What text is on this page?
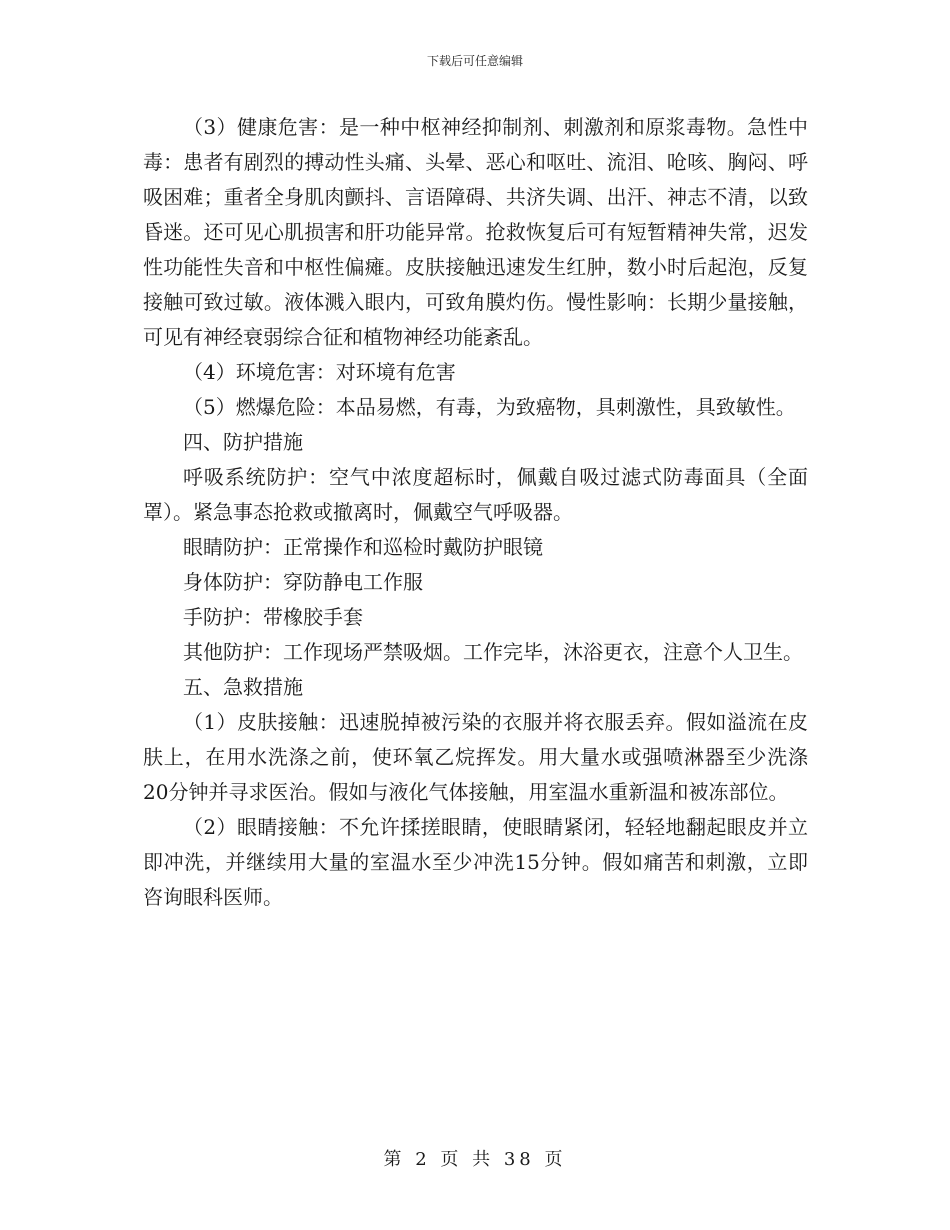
下载后可任意编辑

（3）健康危害：是一种中枢神经抑制剂、刺激剂和原浆毒物。急性中毒：患者有剧烈的搏动性头痛、头晕、恶心和呕吐、流泪、呛咳、胸闷、呼吸困难；重者全身肌肉颤抖、言语障碍、共济失调、出汗、神志不清，以致昏迷。还可见心肌损害和肝功能异常。抢救恢复后可有短暂精神失常，迟发性功能性失音和中枢性偏瘫。皮肤接触迅速发生红肿，数小时后起泡，反复接触可致过敏。液体溅入眼内，可致角膜灼伤。慢性影响：长期少量接触，可见有神经衰弱综合征和植物神经功能紊乱。

（4）环境危害：对环境有危害

（5）燃爆危险：本品易燃，有毒，为致癌物，具刺激性，具致敏性。

四、防护措施

呼吸系统防护：空气中浓度超标时，佩戴自吸过滤式防毒面具（全面罩）。紧急事态抢救或撤离时，佩戴空气呼吸器。

眼睛防护：正常操作和巡检时戴防护眼镜

身体防护：穿防静电工作服

手防护：带橡胶手套

其他防护：工作现场严禁吸烟。工作完毕，沐浴更衣，注意个人卫生。

五、急救措施

（1）皮肤接触：迅速脱掉被污染的衣服并将衣服丢弃。假如溢流在皮肤上，在用水洗涤之前，使环氧乙烷挥发。用大量水或强喷淋器至少洗涤20分钟并寻求医治。假如与液化气体接触，用室温水重新温和被冻部位。

（2）眼睛接触：不允许揉搓眼睛，使眼睛紧闭，轻轻地翻起眼皮并立即冲洗，并继续用大量的室温水至少冲洗15分钟。假如痛苦和刺激，立即咨询眼科医师。

第 2 页 共 38 页
